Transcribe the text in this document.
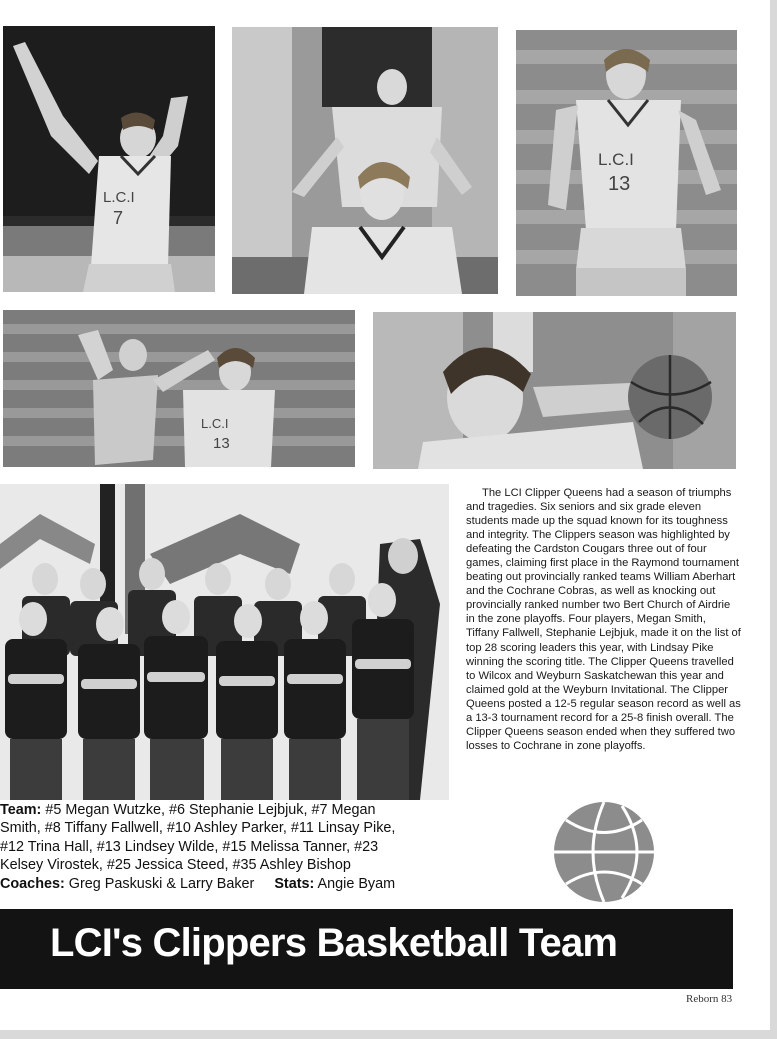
L.C.I
7
L.C.I
13
L.C.I
13

The LCI Clipper Queens had a season of triumphs and tragedies. Six seniors and six grade eleven students made up the squad known for its toughness and integrity. The Clippers season was highlighted by defeating the Cardston Cougars three out of four games, claiming first place in the Raymond tournament beating out provincially ranked teams William Aberhart and the Cochrane Cobras, as well as knocking out provincially ranked number two Bert Church of Airdrie in the zone playoffs. Four players, Megan Smith, Tiffany Fallwell, Stephanie Lejbjuk, made it on the list of top 28 scoring leaders this year, with Lindsay Pike winning the scoring title. The Clipper Queens travelled to Wilcox and Weyburn Saskatchewan this year and claimed gold at the Weyburn Invitational. The Clipper Queens posted a 12-5 regular season record as well as a 13-3 tournament record for a 25-8 finish overall. The Clipper Queens season ended when they suffered two losses to Cochrane in zone playoffs.

Team: #5 Megan Wutzke, #6 Stephanie Lejbjuk, #7 Megan
Smith, #8 Tiffany Fallwell, #10 Ashley Parker, #11 Linsay Pike,
#12 Trina Hall, #13 Lindsey Wilde, #15 Melissa Tanner, #23
Kelsey Virostek, #25 Jessica Steed, #35 Ashley Bishop
Coaches: Greg Paskuski & Larry Baker Stats: Angie Byam
LCI's Clippers Basketball Team
Reborn 83
